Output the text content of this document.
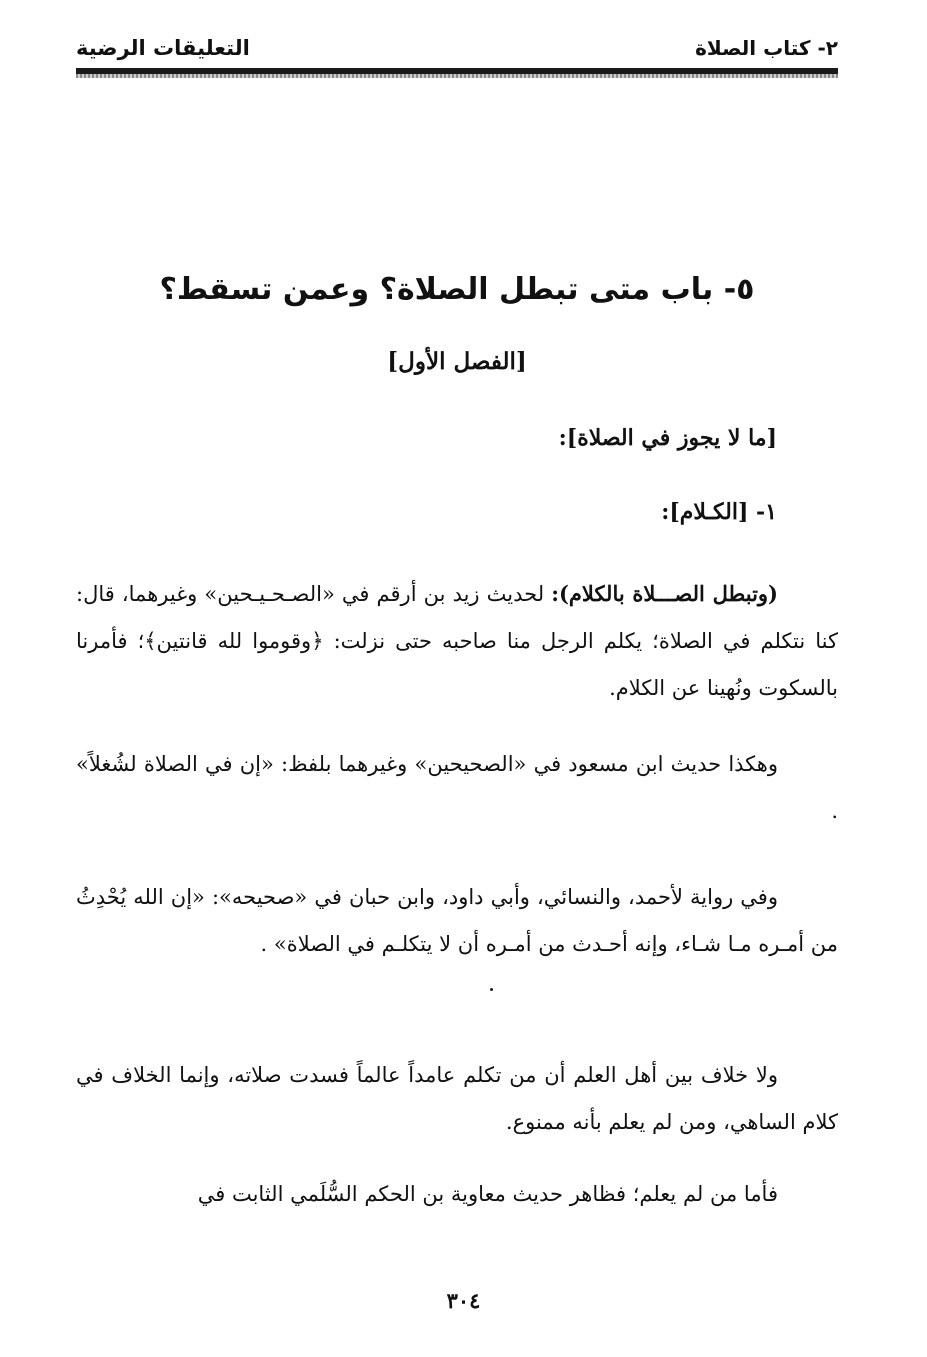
٢- كتاب الصلاة
التعليقات الرضية
٥- باب متى تبطل الصلاة؟ وعمن تسقط؟
[الفصل الأول]
[ما لا يجوز في الصلاة]:
١- [الكـلام]:

(وتبطل الصـــلاة بالكلام): لحديث زيد بن أرقم في «الصـحـيـحين» وغيرهما، قال: كنا نتكلم في الصلاة؛ يكلم الرجل منا صاحبه حتى نزلت: ﴿وقوموا لله قانتين﴾؛ فأمرنا بالسكوت ونُهينا عن الكلام.

وهكذا حديث ابن مسعود في «الصحيحين» وغيرهما بلفظ: «إن في الصلاة لشُغلاً» .

وفي رواية لأحمد، والنسائي، وأبي داود، وابن حبان في «صحيحه»: «إن الله يُحْدِثُ من أمـره مـا شـاء، وإنه أحـدث من أمـره أن لا يتكلـم في الصلاة» .

ولا خلاف بين أهل العلم أن من تكلم عامداً عالماً فسدت صلاته، وإنما الخلاف في كلام الساهي، ومن لم يعلم بأنه ممنوع.

فأما من لم يعلم؛ فظاهر حديث معاوية بن الحكم السُّلَمي الثابت في

٣٠٤
